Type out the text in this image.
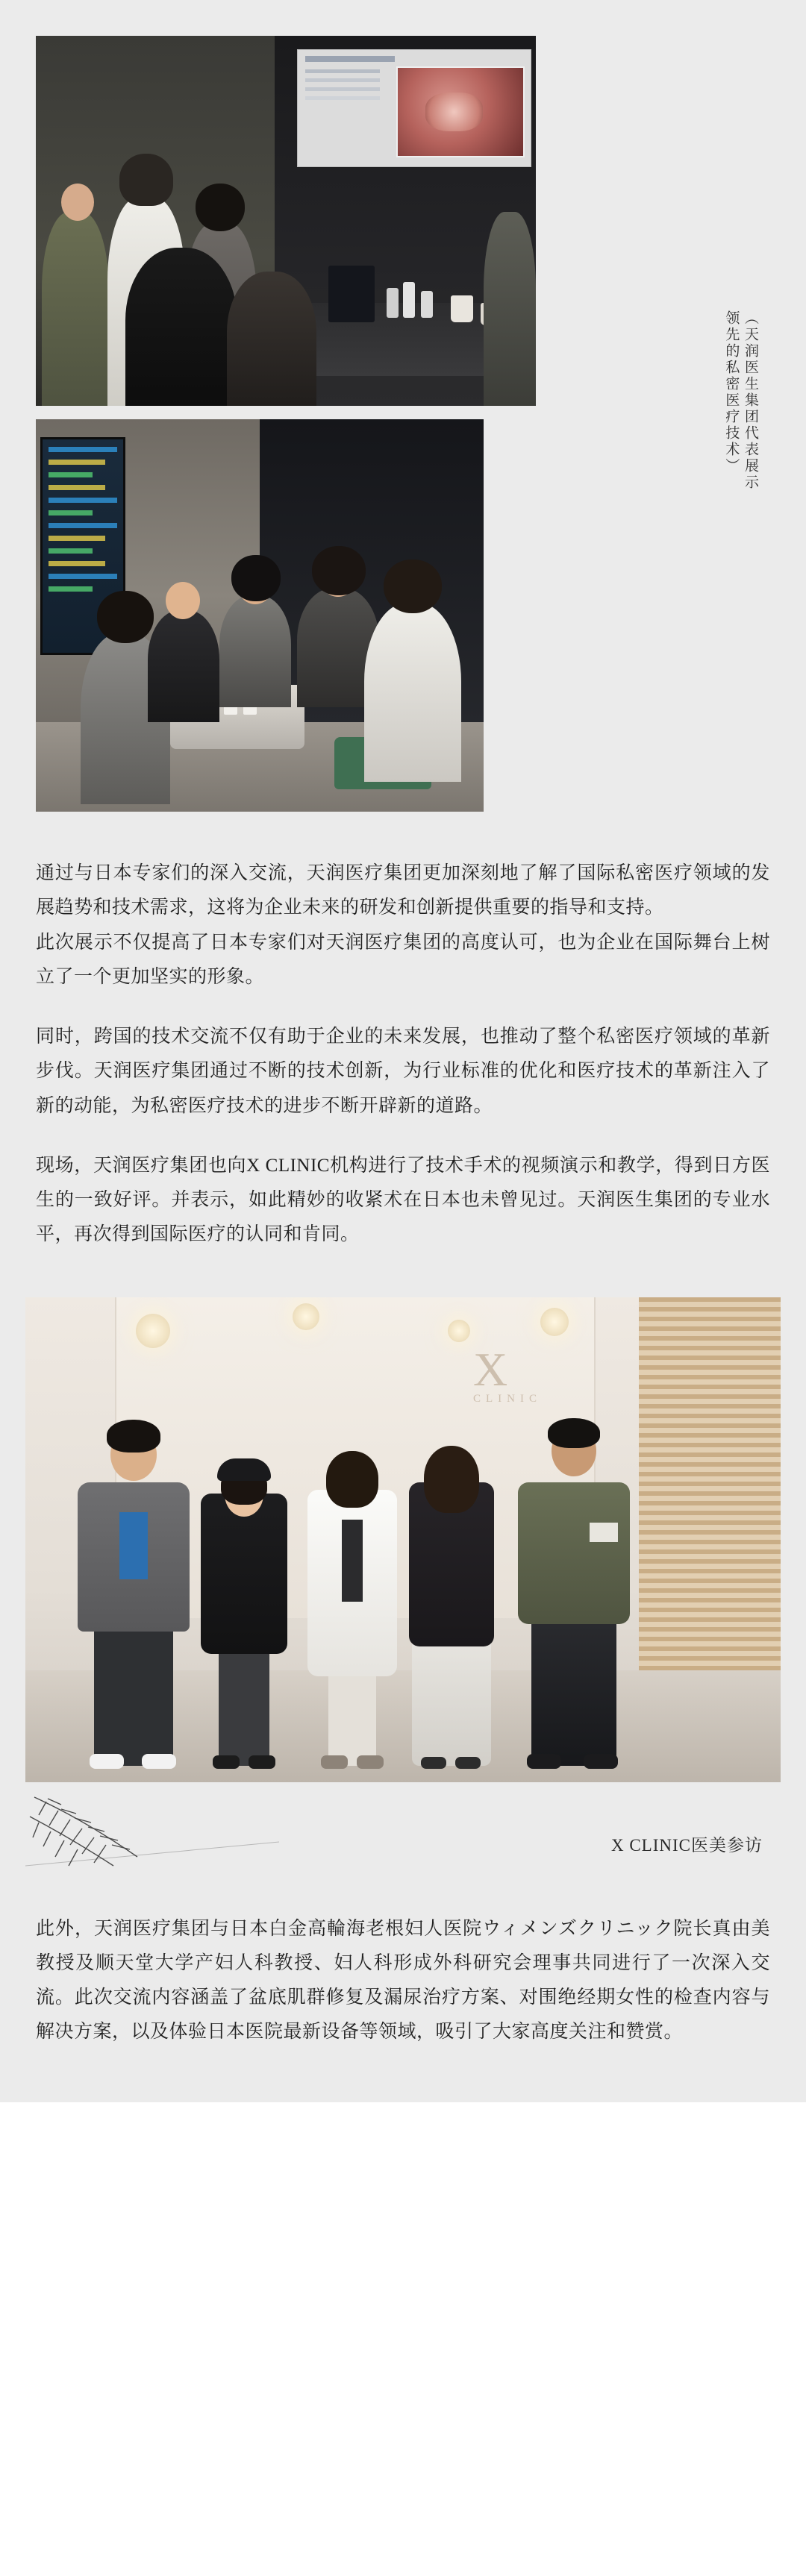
（天润医生集团代表展示领先的私密医疗技术）

通过与日本专家们的深入交流，天润医疗集团更加深刻地了解了国际私密医疗领域的发展趋势和技术需求，这将为企业未来的研发和创新提供重要的指导和支持。

此次展示不仅提高了日本专家们对天润医疗集团的高度认可，也为企业在国际舞台上树立了一个更加坚实的形象。

同时，跨国的技术交流不仅有助于企业的未来发展，也推动了整个私密医疗领域的革新步伐。天润医疗集团通过不断的技术创新，为行业标准的优化和医疗技术的革新注入了新的动能，为私密医疗技术的进步不断开辟新的道路。

现场，天润医疗集团也向X CLINIC机构进行了技术手术的视频演示和教学，得到日方医生的一致好评。并表示，如此精妙的收紧术在日本也未曾见过。天润医生集团的专业水平，再次得到国际医疗的认同和肯同。

X
CLINIC
X CLINIC医美参访

此外，天润医疗集团与日本白金高輪海老根妇人医院ウィメンズクリニック院长真由美教授及顺天堂大学产妇人科教授、妇人科形成外科研究会理事共同进行了一次深入交流。此次交流内容涵盖了盆底肌群修复及漏尿治疗方案、对围绝经期女性的检查内容与解决方案，以及体验日本医院最新设备等领域，吸引了大家高度关注和赞赏。
